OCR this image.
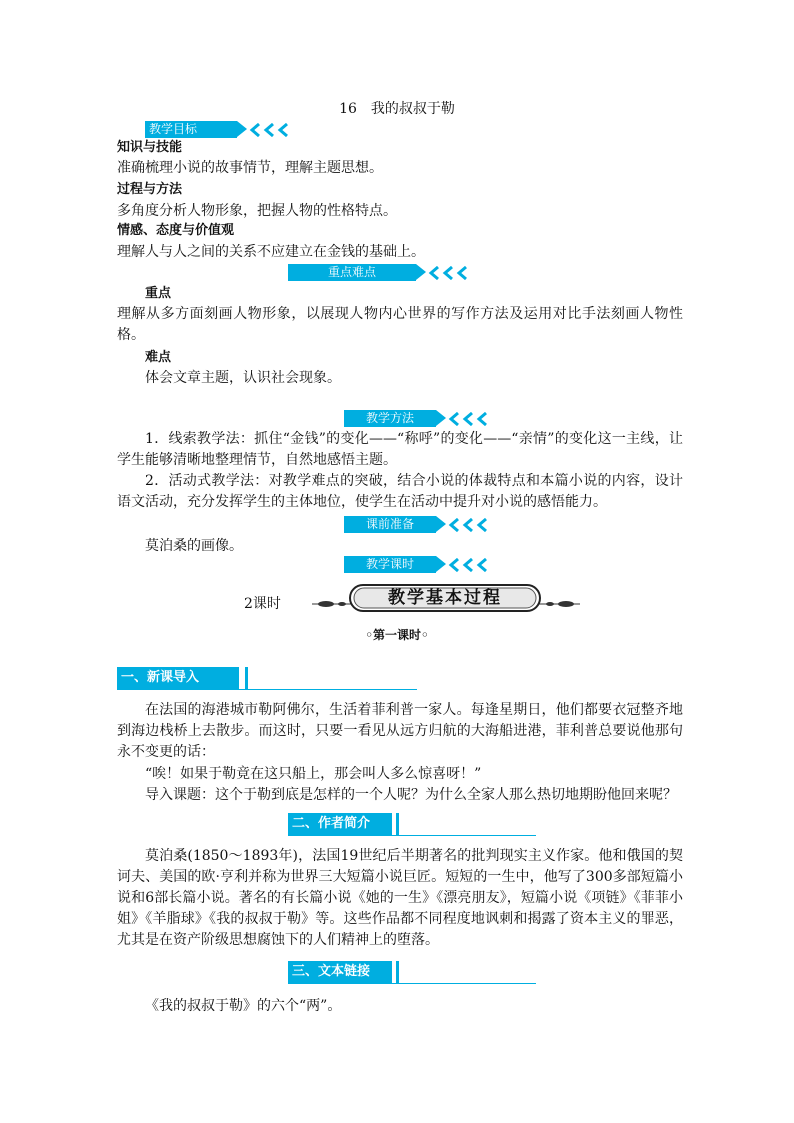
16　我的叔叔于勒
教学目标
知识与技能
准确梳理小说的故事情节，理解主题思想。
过程与方法
多角度分析人物形象，把握人物的性格特点。
情感、态度与价值观
理解人与人之间的关系不应建立在金钱的基础上。
重点难点
重点
理解从多方面刻画人物形象，以展现人物内心世界的写作方法及运用对比手法刻画人物性格。
难点
体会文章主题，认识社会现象。
教学方法
1．线索教学法：抓住“金钱”的变化——“称呼”的变化——“亲情”的变化这一主线，让学生能够清晰地整理情节，自然地感悟主题。
2．活动式教学法：对教学难点的突破，结合小说的体裁特点和本篇小说的内容，设计语文活动，充分发挥学生的主体地位，使学生在活动中提升对小说的感悟能力。
课前准备
莫泊桑的画像。
教学课时
2课时	教学基本过程
◦第一课时◦
一、新课导入
在法国的海港城市勒阿佛尔，生活着菲利普一家人。每逢星期日，他们都要衣冠整齐地到海边栈桥上去散步。而这时，只要一看见从远方归航的大海船进港，菲利普总要说他那句永不变更的话：
“唉！如果于勒竟在这只船上，那会叫人多么惊喜呀！”
导入课题：这个于勒到底是怎样的一个人呢？为什么全家人那么热切地期盼他回来呢？
二、作者简介
莫泊桑(1850～1893年)，法国19世纪后半期著名的批判现实主义作家。他和俄国的契诃夫、美国的欧·亨利并称为世界三大短篇小说巨匠。短短的一生中，他写了300多部短篇小说和6部长篇小说。著名的有长篇小说《她的一生》《漂亮朋友》，短篇小说《项链》《菲菲小姐》《羊脂球》《我的叔叔于勒》等。这些作品都不同程度地讽刺和揭露了资本主义的罪恶，尤其是在资产阶级思想腐蚀下的人们精神上的堕落。
三、文本链接
《我的叔叔于勒》的六个“两”。
